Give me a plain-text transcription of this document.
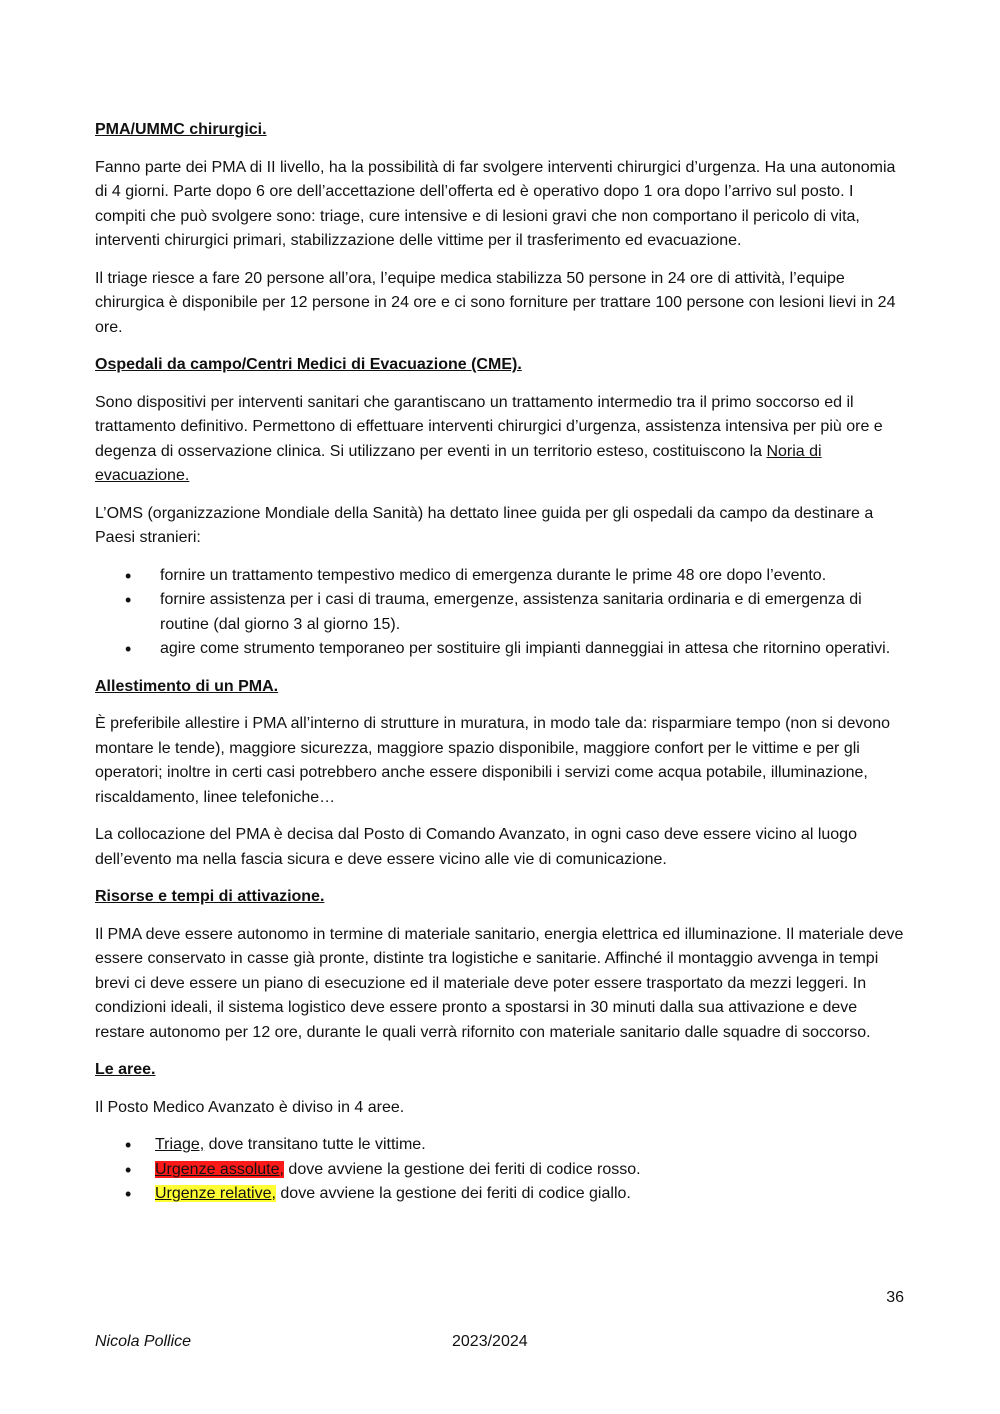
PMA/UMMC chirurgici.

Fanno parte dei PMA di II livello, ha la possibilità di far svolgere interventi chirurgici d’urgenza. Ha una autonomia di 4 giorni. Parte dopo 6 ore dell’accettazione dell’offerta ed è operativo dopo 1 ora dopo l’arrivo sul posto. I compiti che può svolgere sono: triage, cure intensive e di lesioni gravi che non comportano il pericolo di vita, interventi chirurgici primari, stabilizzazione delle vittime per il trasferimento ed evacuazione.

Il triage riesce a fare 20 persone all’ora, l’equipe medica stabilizza 50 persone in 24 ore di attività, l’equipe chirurgica è disponibile per 12 persone in 24 ore e ci sono forniture per trattare 100 persone con lesioni lievi in 24 ore.

Ospedali da campo/Centri Medici di Evacuazione (CME).

Sono dispositivi per interventi sanitari che garantiscano un trattamento intermedio tra il primo soccorso ed il trattamento definitivo. Permettono di effettuare interventi chirurgici d’urgenza, assistenza intensiva per più ore e degenza di osservazione clinica. Si utilizzano per eventi in un territorio esteso, costituiscono la Noria di evacuazione.

L’OMS (organizzazione Mondiale della Sanità) ha dettato linee guida per gli ospedali da campo da destinare a Paesi stranieri:

• fornire un trattamento tempestivo medico di emergenza durante le prime 48 ore dopo l’evento.
• fornire assistenza per i casi di trauma, emergenze, assistenza sanitaria ordinaria e di emergenza di routine (dal giorno 3 al giorno 15).
• agire come strumento temporaneo per sostituire gli impianti danneggiai in attesa che ritornino operativi.
Allestimento di un PMA.

È preferibile allestire i PMA all’interno di strutture in muratura, in modo tale da: risparmiare tempo (non si devono montare le tende), maggiore sicurezza, maggiore spazio disponibile, maggiore confort per le vittime e per gli operatori; inoltre in certi casi potrebbero anche essere disponibili i servizi come acqua potabile, illuminazione, riscaldamento, linee telefoniche…

La collocazione del PMA è decisa dal Posto di Comando Avanzato, in ogni caso deve essere vicino al luogo dell’evento ma nella fascia sicura e deve essere vicino alle vie di comunicazione.

Risorse e tempi di attivazione.

Il PMA deve essere autonomo in termine di materiale sanitario, energia elettrica ed illuminazione. Il materiale deve essere conservato in casse già pronte, distinte tra logistiche e sanitarie. Affinché il montaggio avvenga in tempi brevi ci deve essere un piano di esecuzione ed il materiale deve poter essere trasportato da mezzi leggeri. In condizioni ideali, il sistema logistico deve essere pronto a spostarsi in 30 minuti dalla sua attivazione e deve restare autonomo per 12 ore, durante le quali verrà rifornito con materiale sanitario dalle squadre di soccorso.

Le aree.

Il Posto Medico Avanzato è diviso in 4 aree.

• Triage, dove transitano tutte le vittime.
• Urgenze assolute, dove avviene la gestione dei feriti di codice rosso.
• Urgenze relative, dove avviene la gestione dei feriti di codice giallo.
36
Nicola Pollice	2023/2024
